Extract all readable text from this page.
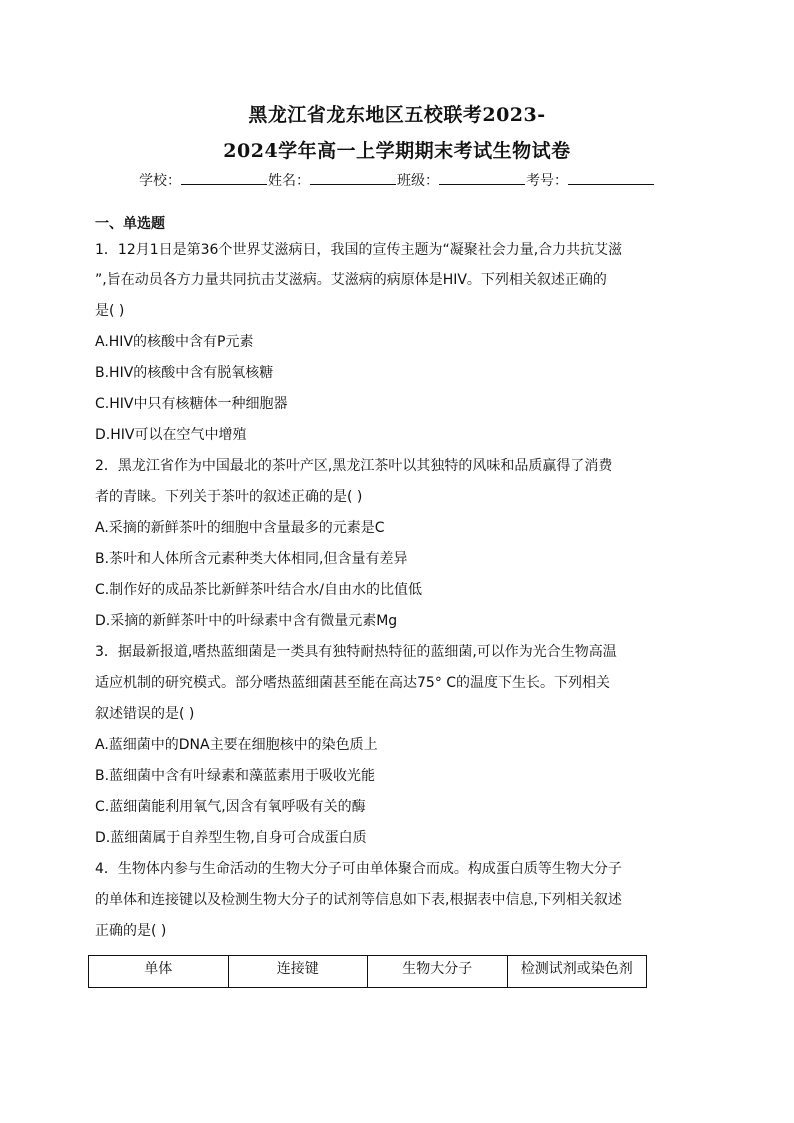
黑龙江省龙东地区五校联考2023-
2024学年高一上学期期末考试生物试卷
学校：	姓名：	班级：	考号：
一、单选题
1．12月1日是第36个世界艾滋病日，我国的宣传主题为“凝聚社会力量,合力共抗艾滋
”,旨在动员各方力量共同抗击艾滋病。艾滋病的病原体是HIV。下列相关叙述正确的
是( )
A.HIV的核酸中含有P元素
B.HIV的核酸中含有脱氧核糖
C.HIV中只有核糖体一种细胞器
D.HIV可以在空气中增殖
2．黑龙江省作为中国最北的茶叶产区,黑龙江茶叶以其独特的风味和品质赢得了消费
者的青睐。下列关于茶叶的叙述正确的是( )
A.采摘的新鲜茶叶的细胞中含量最多的元素是C
B.茶叶和人体所含元素种类大体相同,但含量有差异
C.制作好的成品茶比新鲜茶叶结合水/自由水的比值低
D.采摘的新鲜茶叶中的叶绿素中含有微量元素Mg
3．据最新报道,嗜热蓝细菌是一类具有独特耐热特征的蓝细菌,可以作为光合生物高温
适应机制的研究模式。部分嗜热蓝细菌甚至能在高达75° C的温度下生长。下列相关
叙述错误的是( )
A.蓝细菌中的DNA主要在细胞核中的染色质上
B.蓝细菌中含有叶绿素和藻蓝素用于吸收光能
C.蓝细菌能利用氧气,因含有氧呼吸有关的酶
D.蓝细菌属于自养型生物,自身可合成蛋白质
4．生物体内参与生命活动的生物大分子可由单体聚合而成。构成蛋白质等生物大分子
的单体和连接键以及检测生物大分子的试剂等信息如下表,根据表中信息,下列相关叙述
正确的是( )
单体	连接键	生物大分子	检测试剂或染色剂
